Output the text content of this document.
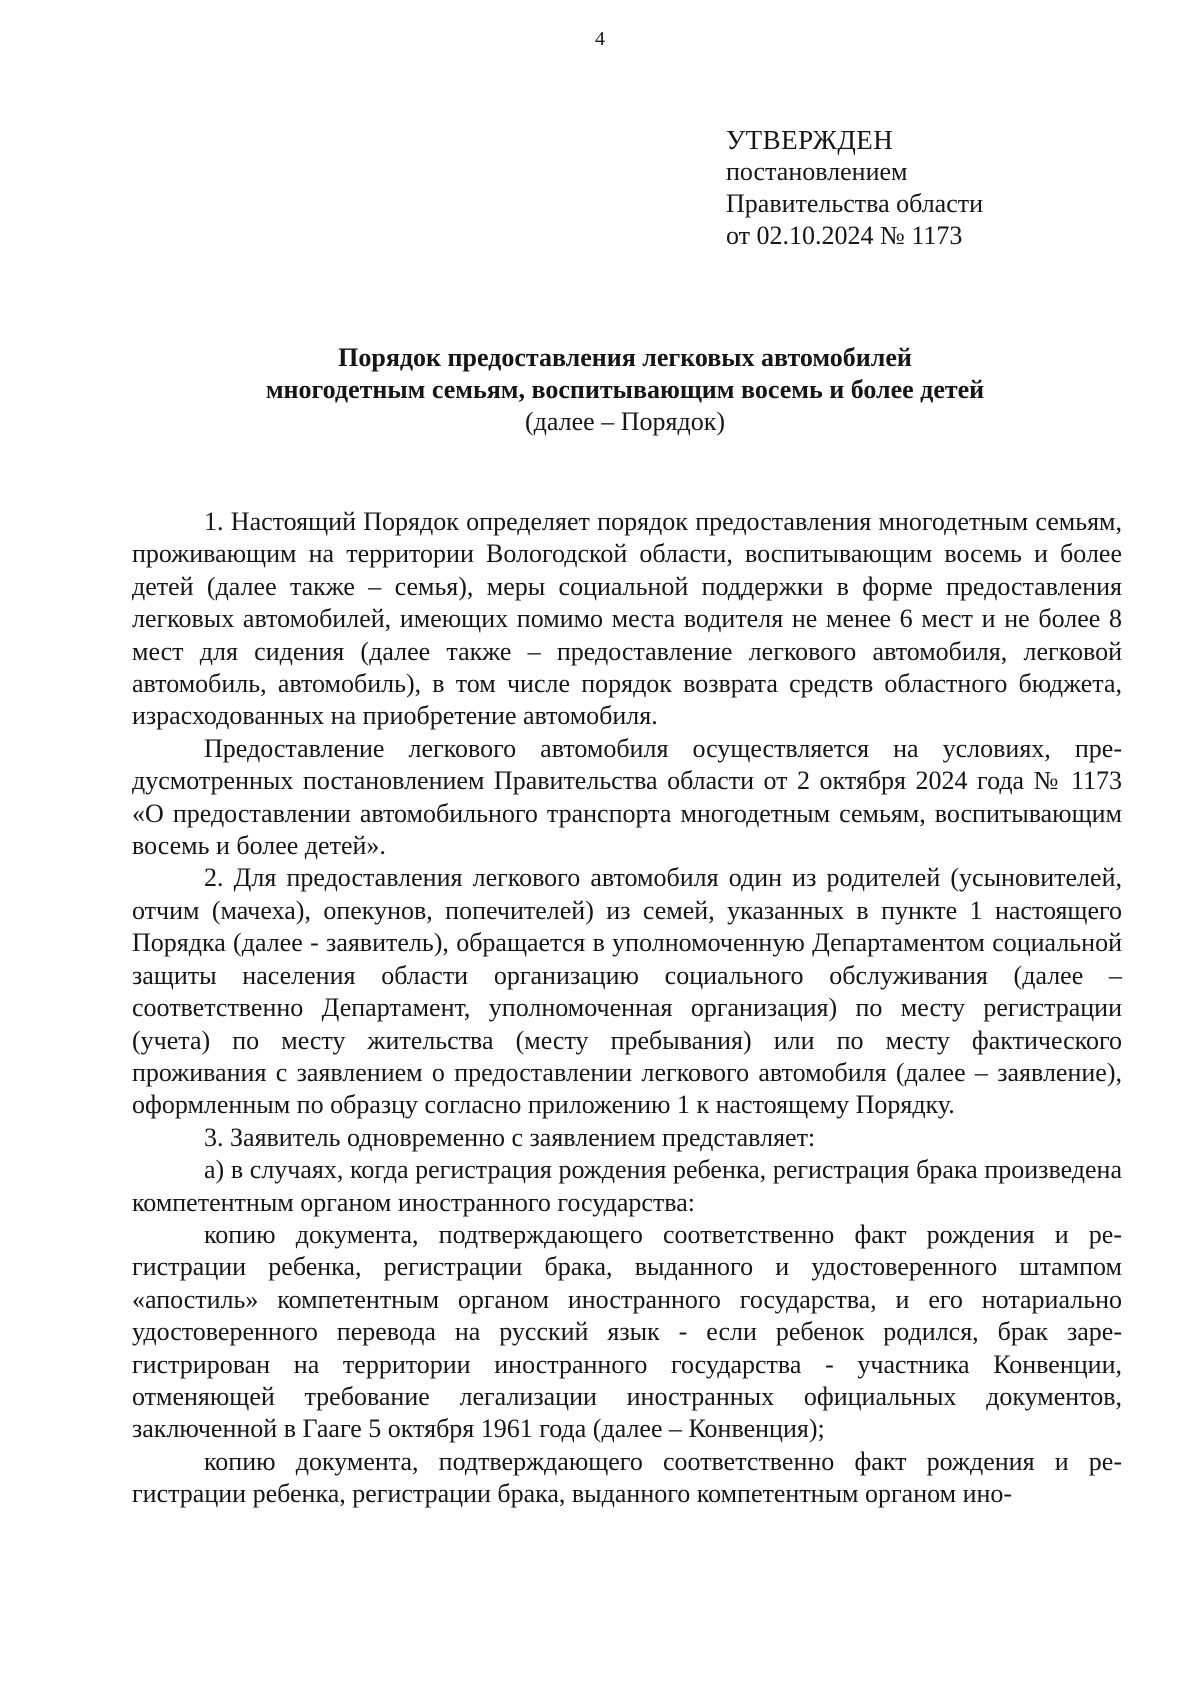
4
УТВЕРЖДЕН
постановлением
Правительства области
от 02.10.2024 № 1173
Порядок предоставления легковых автомобилей
многодетным семьям, воспитывающим восемь и более детей
(далее – Порядок)

1. Настоящий Порядок определяет порядок предоставления многодетным семьям, проживающим на территории Вологодской области, воспитывающим восемь и более детей (далее также – семья), меры социальной поддержки в форме предоставления легковых автомобилей, имеющих помимо места водителя не менее 6 мест и не более 8 мест для сидения (далее также – предоставление легкового автомобиля, легковой автомобиль, автомобиль), в том числе порядок возврата средств областного бюджета, израсходованных на приобретение автомобиля.

Предоставление легкового автомобиля осуществляется на условиях, предусмотренных постановлением Правительства области от 2 октября 2024 года № 1173 «О предоставлении автомобильного транспорта многодетным семьям, воспитывающим восемь и более детей».

2. Для предоставления легкового автомобиля один из родителей (усыновителей, отчим (мачеха), опекунов, попечителей) из семей, указанных в пункте 1 настоящего Порядка (далее - заявитель), обращается в уполномоченную Департаментом социальной защиты населения области организацию социального обслуживания (далее – соответственно Департамент, уполномоченная организация) по месту регистрации (учета) по месту жительства (месту пребывания) или по месту фактического проживания с заявлением о предоставлении легкового автомобиля (далее – заявление), оформленным по образцу согласно приложению 1 к настоящему Порядку.

3. Заявитель одновременно с заявлением представляет:

а) в случаях, когда регистрация рождения ребенка, регистрация брака произведена компетентным органом иностранного государства:

копию документа, подтверждающего соответственно факт рождения и регистрации ребенка, регистрации брака, выданного и удостоверенного штампом «апостиль» компетентным органом иностранного государства, и его нотариально удостоверенного перевода на русский язык - если ребенок родился, брак зарегистрирован на территории иностранного государства - участника Конвенции, отменяющей требование легализации иностранных официальных документов, заключенной в Гааге 5 октября 1961 года (далее – Конвенция);

копию документа, подтверждающего соответственно факт рождения и регистрации ребенка, регистрации брака, выданного компетентным органом ино-
